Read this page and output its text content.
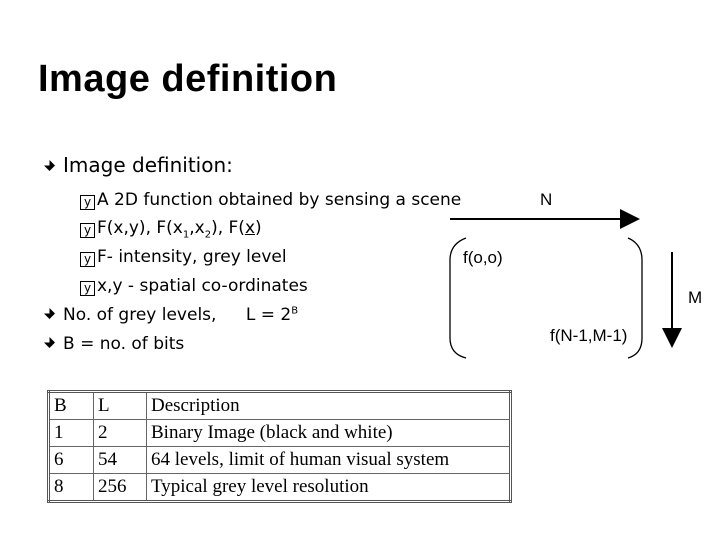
Image definition
Image definition:
y A 2D function obtained by sensing a scene
y F(x,y), $F(x_1,x_2)$, F(x)
y F- intensity, grey level
y x,y - spatial co-ordinates
No. of grey levels, $L = 2^B$
B = no. of bits
N
f(o,o)
M
f(N-1,M-1)
B	L	Description
1	2	Binary Image (black and white)
6	54	64 levels, limit of human visual system
8	256	Typical grey level resolution
